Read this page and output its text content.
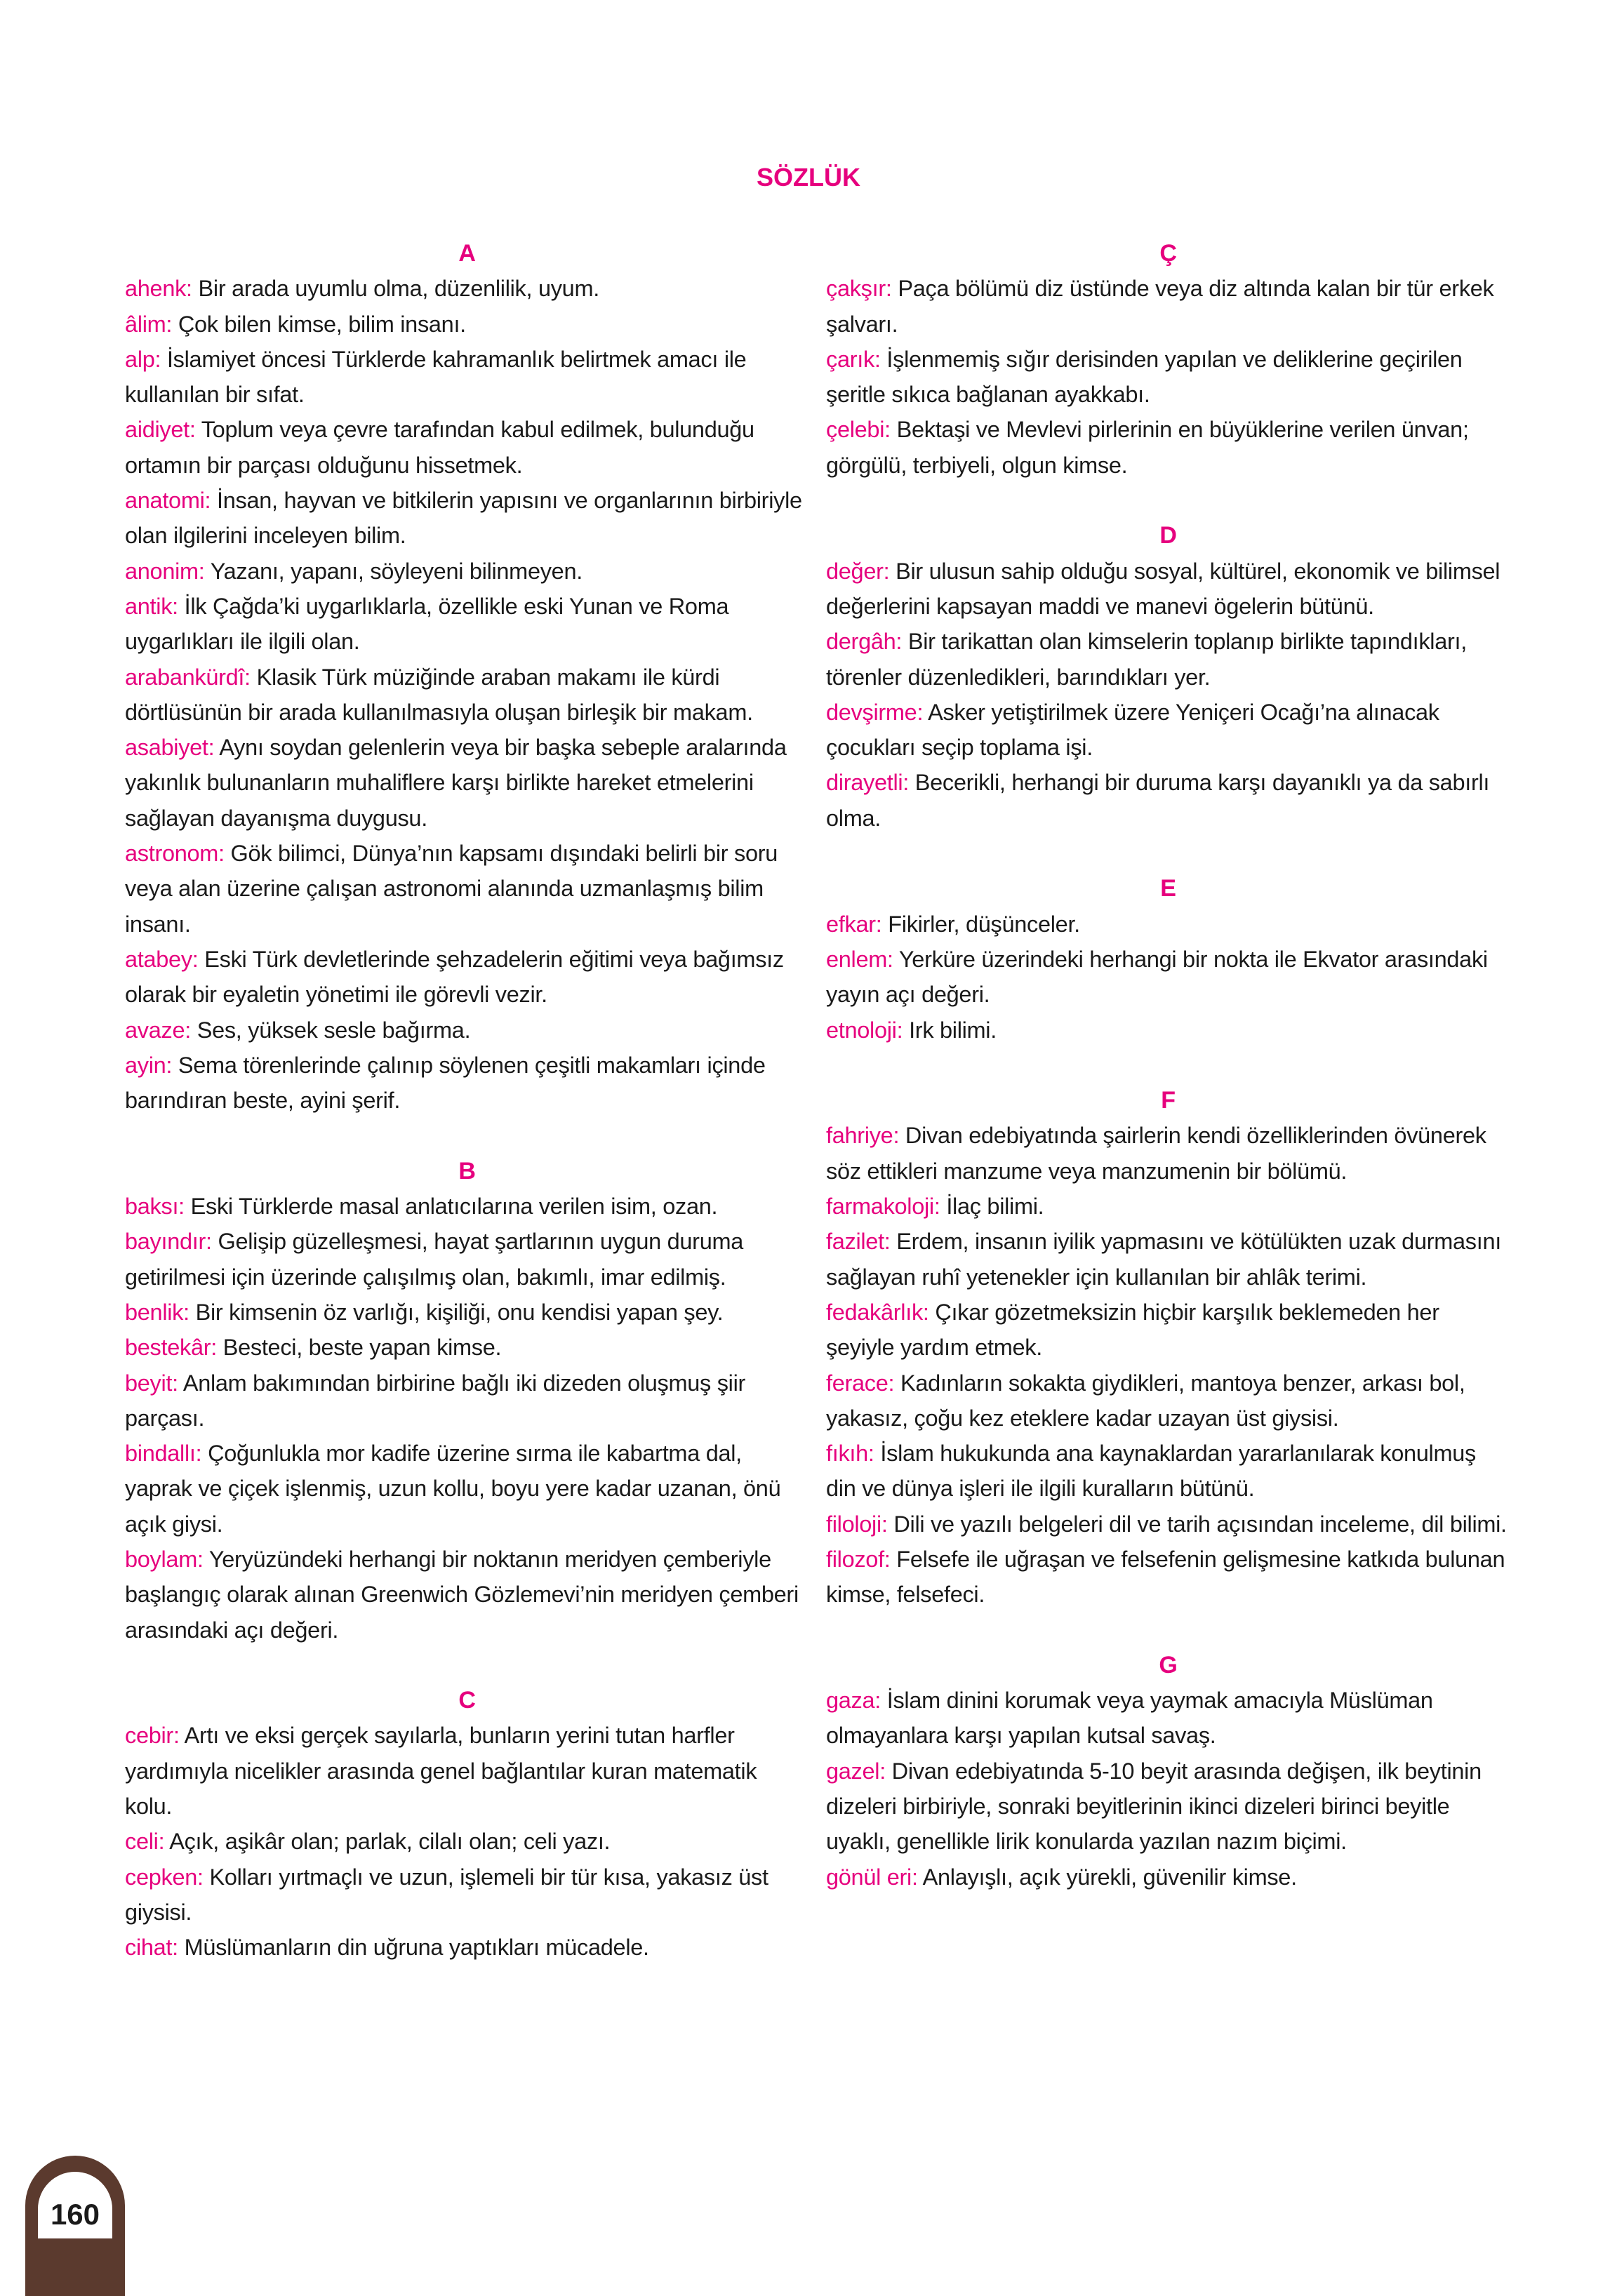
SÖZLÜK
A
ahenk: Bir arada uyumlu olma, düzenlilik, uyum.
âlim: Çok bilen kimse, bilim insanı.
alp: İslamiyet öncesi Türklerde kahramanlık belirtmek amacı ile kullanılan bir sıfat.
aidiyet: Toplum veya çevre tarafından kabul edilmek, bulunduğu ortamın bir parçası olduğunu hissetmek.
anatomi: İnsan, hayvan ve bitkilerin yapısını ve organlarının birbiriyle olan ilgilerini inceleyen bilim.
anonim: Yazanı, yapanı, söyleyeni bilinmeyen.
antik: İlk Çağda’ki uygarlıklarla, özellikle eski Yunan ve Roma uygarlıkları ile ilgili olan.
arabankürdî: Klasik Türk müziğinde araban makamı ile kürdi dörtlüsünün bir arada kullanılmasıyla oluşan birleşik bir makam.
asabiyet: Aynı soydan gelenlerin veya bir başka sebeple aralarında yakınlık bulunanların muhaliflere karşı birlikte hareket etmelerini sağlayan dayanışma duygusu.
astronom: Gök bilimci, Dünya’nın kapsamı dışındaki belirli bir soru veya alan üzerine çalışan astronomi alanında uzmanlaşmış bilim insanı.
atabey: Eski Türk devletlerinde şehzadelerin eğitimi veya bağımsız olarak bir eyaletin yönetimi ile görevli vezir.
avaze: Ses, yüksek sesle bağırma.
ayin: Sema törenlerinde çalınıp söylenen çeşitli makamları içinde barındıran beste, ayini şerif.
B
baksı: Eski Türklerde masal anlatıcılarına verilen isim, ozan.
bayındır: Gelişip güzelleşmesi, hayat şartlarının uygun duruma getirilmesi için üzerinde çalışılmış olan, bakımlı, imar edilmiş.
benlik: Bir kimsenin öz varlığı, kişiliği, onu kendisi yapan şey.
bestekâr: Besteci, beste yapan kimse.
beyit: Anlam bakımından birbirine bağlı iki dizeden oluşmuş şiir parçası.
bindallı: Çoğunlukla mor kadife üzerine sırma ile kabartma dal, yaprak ve çiçek işlenmiş, uzun kollu, boyu yere kadar uzanan, önü açık giysi.
boylam: Yeryüzündeki herhangi bir noktanın meridyen çemberiyle başlangıç olarak alınan Greenwich Gözlemevi’nin meridyen çemberi arasındaki açı değeri.
C
cebir: Artı ve eksi gerçek sayılarla, bunların yerini tutan harfler yardımıyla nicelikler arasında genel bağlantılar kuran matematik kolu.
celi: Açık, aşikâr olan; parlak, cilalı olan; celi yazı.
cepken: Kolları yırtmaçlı ve uzun, işlemeli bir tür kısa, yakasız üst giysisi.
cihat: Müslümanların din uğruna yaptıkları mücadele.
Ç
çakşır: Paça bölümü diz üstünde veya diz altında kalan bir tür erkek şalvarı.
çarık: İşlenmemiş sığır derisinden yapılan ve deliklerine geçirilen şeritle sıkıca bağlanan ayakkabı.
çelebi: Bektaşi ve Mevlevi pirlerinin en büyüklerine verilen ünvan; görgülü, terbiyeli, olgun kimse.
D
değer: Bir ulusun sahip olduğu sosyal, kültürel, ekonomik ve bilimsel değerlerini kapsayan maddi ve manevi ögelerin bütünü.
dergâh: Bir tarikattan olan kimselerin toplanıp birlikte tapındıkları, törenler düzenledikleri, barındıkları yer.
devşirme: Asker yetiştirilmek üzere Yeniçeri Ocağı’na alınacak çocukları seçip toplama işi.
dirayetli: Becerikli, herhangi bir duruma karşı dayanıklı ya da sabırlı olma.
E
efkar: Fikirler, düşünceler.
enlem: Yerküre üzerindeki herhangi bir nokta ile Ekvator arasındaki yayın açı değeri.
etnoloji: Irk bilimi.
F
fahriye: Divan edebiyatında şairlerin kendi özelliklerinden övünerek söz ettikleri manzume veya manzumenin bir bölümü.
farmakoloji: İlaç bilimi.
fazilet: Erdem, insanın iyilik yapmasını ve kötülükten uzak durmasını sağlayan ruhî yetenekler için kullanılan bir ahlâk terimi.
fedakârlık: Çıkar gözetmeksizin hiçbir karşılık beklemeden her şeyiyle yardım etmek.
ferace: Kadınların sokakta giydikleri, mantoya benzer, arkası bol, yakasız, çoğu kez eteklere kadar uzayan üst giysisi.
fıkıh: İslam hukukunda ana kaynaklardan yararlanılarak konulmuş din ve dünya işleri ile ilgili kuralların bütünü.
filoloji: Dili ve yazılı belgeleri dil ve tarih açısından inceleme, dil bilimi.
filozof: Felsefe ile uğraşan ve felsefenin gelişmesine katkıda bulunan kimse, felsefeci.
G
gaza: İslam dinini korumak veya yaymak amacıyla Müslüman olmayanlara karşı yapılan kutsal savaş.
gazel: Divan edebiyatında 5-10 beyit arasında değişen, ilk beytinin dizeleri birbiriyle, sonraki beyitlerinin ikinci dizeleri birinci beyitle uyaklı, genellikle lirik konularda yazılan nazım biçimi.
gönül eri: Anlayışlı, açık yürekli, güvenilir kimse.
160
